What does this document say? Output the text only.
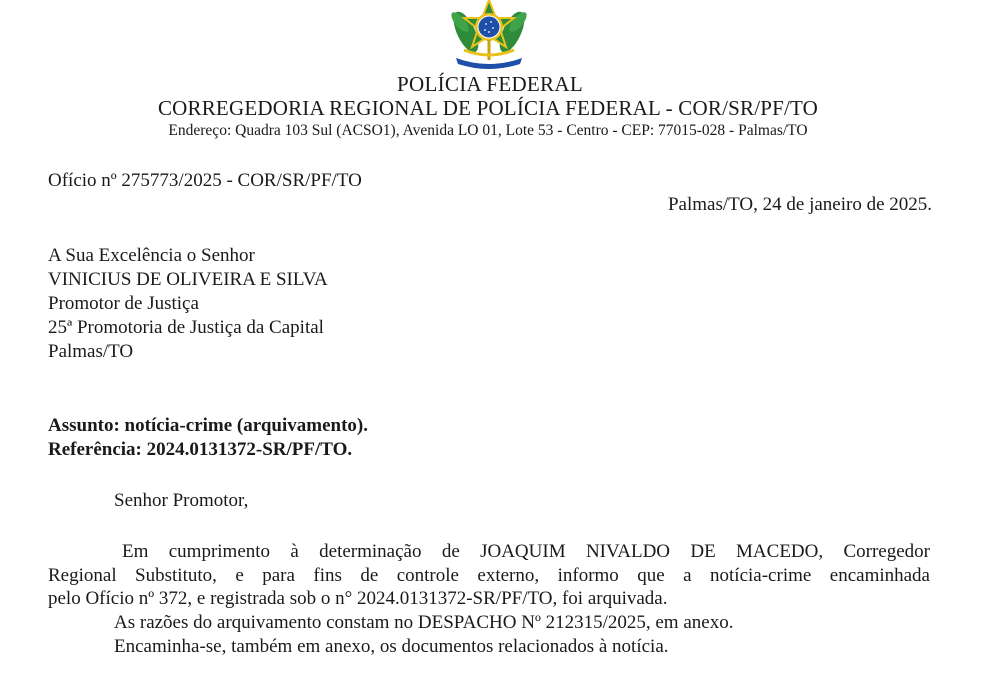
POLÍCIA FEDERAL
CORREGEDORIA REGIONAL DE POLÍCIA FEDERAL - COR/SR/PF/TO
Endereço: Quadra 103 Sul (ACSO1), Avenida LO 01, Lote 53 - Centro - CEP: 77015-028 - Palmas/TO
Ofício nº 275773/2025 - COR/SR/PF/TO
Palmas/TO, 24 de janeiro de 2025.
A Sua Excelência o Senhor
VINICIUS DE OLIVEIRA E SILVA
Promotor de Justiça
25ª Promotoria de Justiça da Capital
Palmas/TO
Assunto: notícia-crime (arquivamento).
Referência: 2024.0131372-SR/PF/TO.
Senhor Promotor,
Em cumprimento à determinação de JOAQUIM NIVALDO DE MACEDO, Corregedor
Regional Substituto, e para fins de controle externo, informo que a notícia-crime encaminhada
pelo Ofício nº 372, e registrada sob o n° 2024.0131372-SR/PF/TO, foi arquivada.
As razões do arquivamento constam no DESPACHO Nº 212315/2025, em anexo.
Encaminha-se, também em anexo, os documentos relacionados à notícia.
